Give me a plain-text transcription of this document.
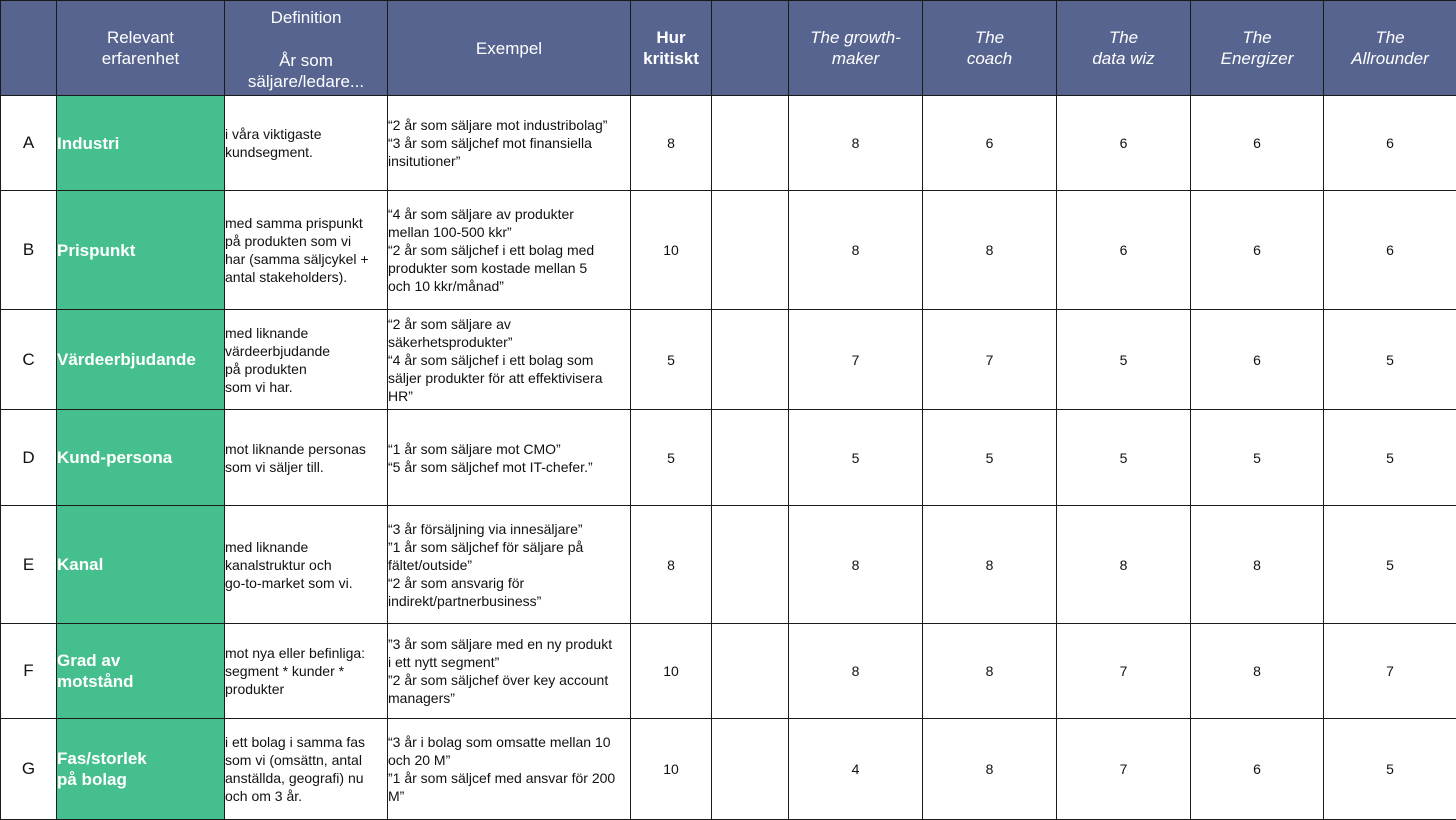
	Relevant
erfarenhet	Definition
År som
säljare/ledare...	Exempel	Hur
kritiskt		The growth-
maker	The
coach	The
data wiz	The
Energizer	The
Allrounder
A	Industri	i våra viktigaste
kundsegment.	“2 år som säljare mot industribolag”
“3 år som säljchef mot finansiella
insitutioner”	8		8	6	6	6	6
B	Prispunkt	med samma prispunkt
på produkten som vi
har (samma säljcykel +
antal stakeholders).	“4 år som säljare av produkter
mellan 100-500 kkr”
“2 år som säljchef i ett bolag med
produkter som kostade mellan 5
och 10 kkr/månad”	10		8	8	6	6	6
C	Värdeerbjudande	med liknande
värdeerbjudande
på produkten
som vi har.	“2 år som säljare av
säkerhetsprodukter”
“4 år som säljchef i ett bolag som
säljer produkter för att effektivisera
HR”	5		7	7	5	6	5
D	Kund-persona	mot liknande personas
som vi säljer till.	“1 år som säljare mot CMO”
“5 år som säljchef mot IT-chefer.”	5		5	5	5	5	5
E	Kanal	med liknande
kanalstruktur och
go-to-market som vi.	“3 år försäljning via innesäljare”
”1 år som säljchef för säljare på
fältet/outside”
“2 år som ansvarig för
indirekt/partnerbusiness”	8		8	8	8	8	5
F	Grad av
motstånd	mot nya eller befinliga:
segment * kunder *
produkter	”3 år som säljare med en ny produkt
i ett nytt segment”
”2 år som säljchef över key account
managers”	10		8	8	7	8	7
G	Fas/storlek
på bolag	i ett bolag i samma fas
som vi (omsättn, antal
anställda, geografi) nu
och om 3 år.	“3 år i bolag som omsatte mellan 10
och 20 M”
”1 år som säljcef med ansvar för 200
M”	10		4	8	7	6	5
